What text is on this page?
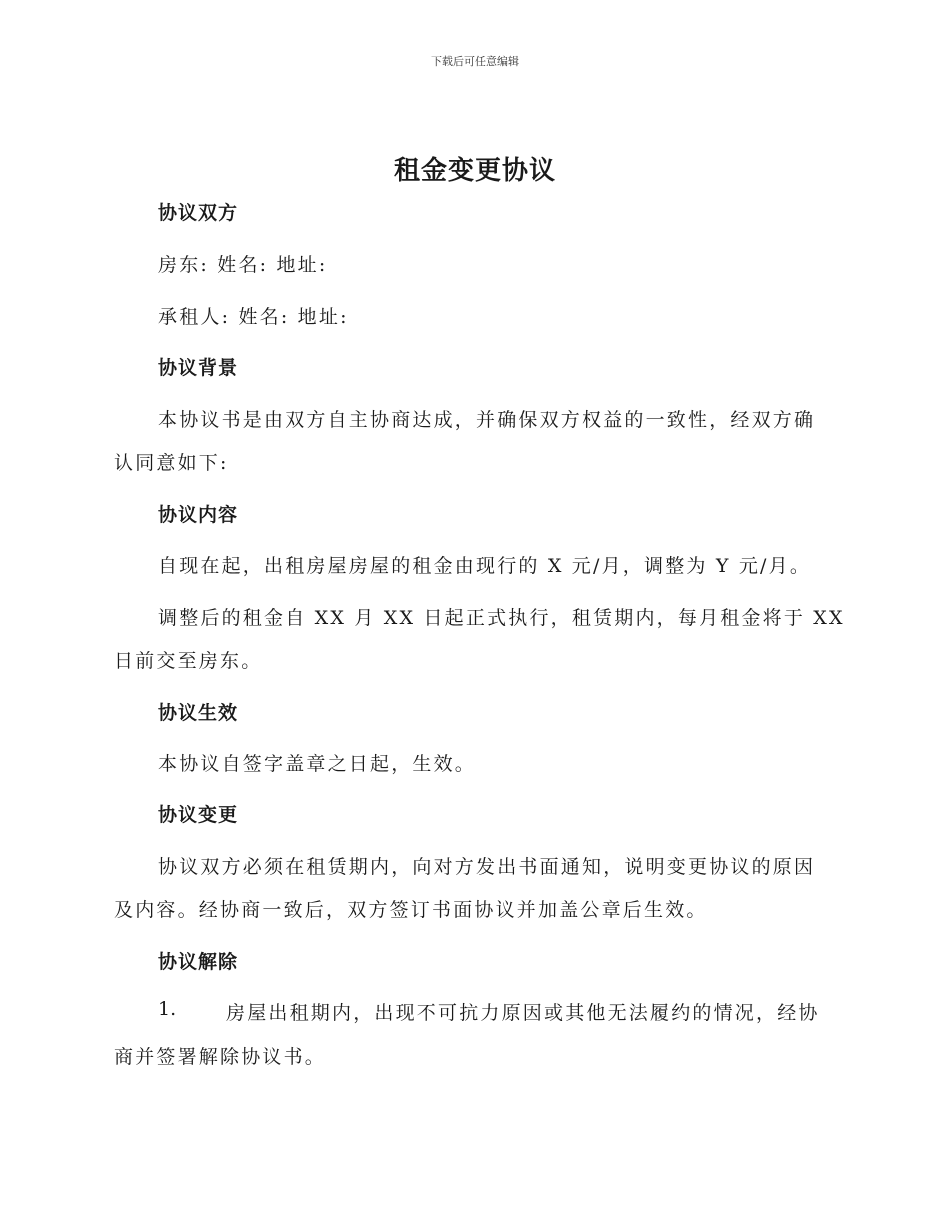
下载后可任意编辑
租金变更协议
协议双方
房东: 姓名: 地址:
承租人: 姓名: 地址:
协议背景
本协议书是由双方自主协商达成，并确保双方权益的一致性，经双方确
认同意如下:
协议内容
自现在起，出租房屋房屋的租金由现行的 X 元/月，调整为 Y 元/月。
调整后的租金自 XX 月 XX 日起正式执行，租赁期内，每月租金将于 XX
日前交至房东。
协议生效
本协议自签字盖章之日起，生效。
协议变更
协议双方必须在租赁期内，向对方发出书面通知，说明变更协议的原因
及内容。经协商一致后，双方签订书面协议并加盖公章后生效。
协议解除
1.	房屋出租期内，出现不可抗力原因或其他无法履约的情况，经协
商并签署解除协议书。
